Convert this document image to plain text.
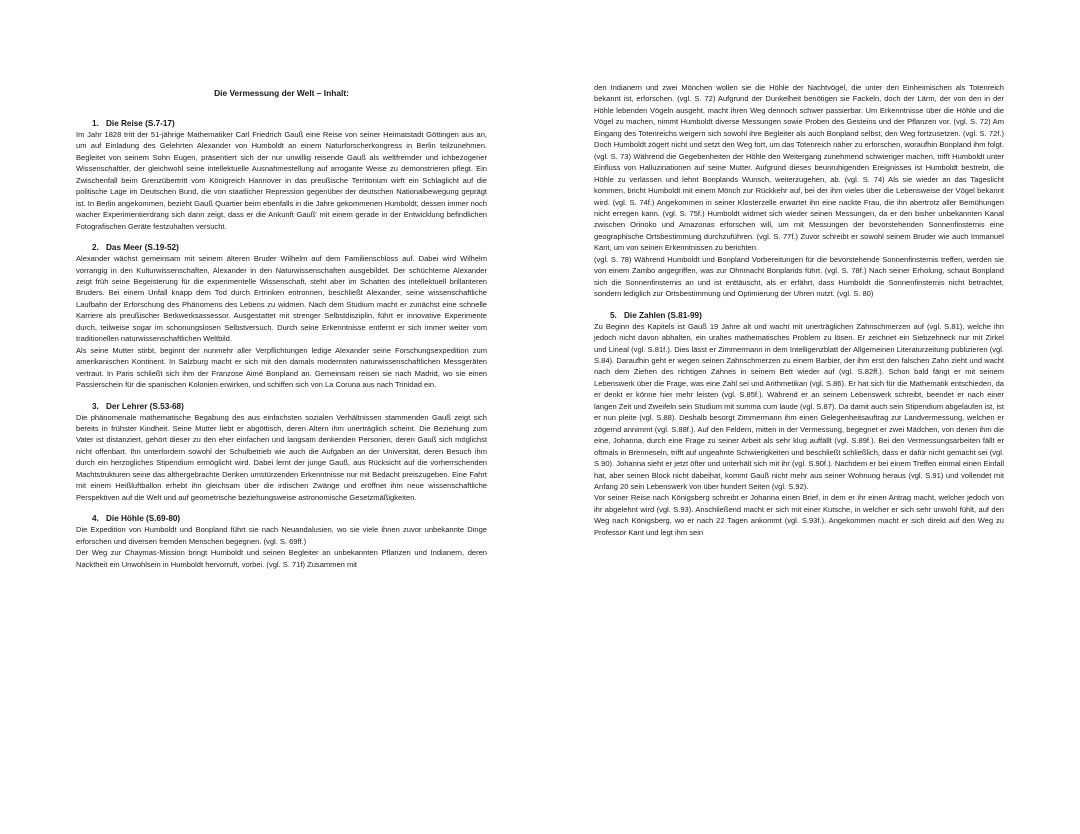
Die Vermessung der Welt – Inhalt:
1. Die Reise (S.7-17)

Im Jahr 1828 tritt der 51-jährige Mathematiker Carl Friedrich Gauß eine Reise von seiner Heimatstadt Göttingen aus an, um auf Einladung des Gelehrten Alexander von Humboldt an einem Naturforscherkongress in Berlin teilzunehmen. Begleitet von seinem Sohn Eugen, präsentiert sich der nur unwillig reisende Gauß als weltfremder und ichbezogener Wissenschaftler, der gleichwohl seine intellektuelle Ausnahmestellung auf arrogante Weise zu demonstrieren pflegt. Ein Zwischenfall beim Grenzübertritt vom Königreich Hannover in das preußische Territorium wirft ein Schlaglicht auf die politische Lage im Deutschen Bund, die von staatlicher Repression gegenüber der deutschen Nationalbewegung geprägt ist. In Berlin angekommen, bezieht Gauß Quartier beim ebenfalls in die Jahre gekommenen Humboldt, dessen immer noch wacher Experimentierdrang sich dann zeigt, dass er die Ankunft Gauß' mit einem gerade in der Entwicklung befindlichen Fotografischen Geräte festzuhalten versucht.

2. Das Meer (S.19-52)

Alexander wächst gemeinsam mit seinem älteren Bruder Wilhelm auf dem Familienschloss auf. Dabei wird Wilhelm vorrangig in den Kulturwissenschaften, Alexander in den Naturwissenschaften ausgebildet. Der schüchterne Alexander zeigt früh seine Begeisterung für die experimentelle Wissenschaft, steht aber im Schatten des intellektuell brillanteren Bruders. Bei einem Unfall knapp dem Tod durch Ertrinken entronnen, beschließt Alexander, seine wissenschaftliche Laufbahn der Erforschung des Phänomens des Lebens zu widmen. Nach dem Studium macht er zunächst eine schnelle Karriere als preußischer Berkwerksassessor. Ausgestattet mit strenger Selbstdisziplin, führt er innovative Experimente durch, teilweise sogar im schonungslosen Selbstversuch. Durch seine Erkenntnisse entfernt er sich immer weiter vom traditionellen naturwissenschaftlichen Weltbild.

Als seine Mutter stirbt, beginnt der nunmehr aller Verpflichtungen ledige Alexander seine Forschungsexpedition zum amerikanischen Kontinent. In Salzburg macht er sich mit den damals modernsten naturwissenschaftlichen Messgeräten vertraut. In Paris schließt sich ihm der Franzose Aimé Bonpland an. Gemeinsam reisen sie nach Madrid, wo sie einen Passierschein für die spanischen Kolonien erwirken, und schiffen sich von La Coruna aus nach Trinidad ein.

3. Der Lehrer (S.53-68)

Die phänomenale mathematische Begabung des aus einfachsten sozialen Verhältnissen stammenden Gauß zeigt sich bereits in frühster Kindheit. Seine Mutter liebt er abgöttisch, deren Altern ihm unerträglich scheint. Die Beziehung zum Vater ist distanziert, gehört dieser zu den eher einfachen und langsam denkenden Personen, deren Gauß sich möglichst nicht offenbart. Ihn unterfordern sowohl der Schulbetrieb wie auch die Aufgaben an der Universität, deren Besuch ihm durch ein herzogliches Stipendium ermöglicht wird. Dabei lernt der junge Gauß, aus Rücksicht auf die vorherrschenden Machtstrukturen seine das althergebrachte Denken umstürzenden Erkenntnisse nur mit Bedacht preiszugeben. Eine Fahrt mit einem Heißluftballon erhebt ihn gleichsam über die irdischen Zwänge und eröffnet ihm neue wissenschaftliche Perspektiven auf die Welt und auf geometrische beziehungsweise astronomische Gesetzmäßigkeiten.

4. Die Höhle (S.69-80)

Die Expedition von Humboldt und Bonpland führt sie nach Neuandalusien, wo sie viele ihnen zuvor unbekannte Dinge erforschen und diversen fremden Menschen begegnen. (vgl. S. 69ff.)

Der Weg zur Chaymas-Mission bringt Humboldt und seinen Begleiter an unbekannten Pflanzen und Indianern, deren Nacktheit ein Unwohlsein in Humboldt hervorruft, vorbei. (vgl. S. 71f) Zusammen mit

den Indianern und zwei Mönchen wollen sie die Höhle der Nachtvögel, die unter den Einheimischen als Totenreich bekannt ist, erforschen. (vgl. S. 72) Aufgrund der Dunkelheit benötigen sie Fackeln, doch der Lärm, der von den in der Höhle lebenden Vögeln ausgeht, macht ihren Weg dennoch schwer passierbar. Um Erkenntnisse über die Höhle und die Vögel zu machen, nimmt Humboldt diverse Messungen sowie Proben des Gesteins und der Pflanzen vor. (vgl. S. 72) Am Eingang des Totenreichs weigern sich sowohl ihre Begleiter als auch Bonpland selbst, den Weg fortzusetzen. (vgl. S. 72f.) Doch Humboldt zögert nicht und setzt den Weg fort, um das Totenreich näher zu erforschen, woraufhin Bonpland ihm folgt. (vgl. S. 73) Während die Gegebenheiten der Höhle den Weitergang zunehmend schwieriger machen, trifft Humboldt unter Einfluss von Halluzinationen auf seine Mutter. Aufgrund dieses beunruhigenden Ereignisses ist Humboldt bestrebt, die Höhle zu verlassen und lehnt Bonplands Wunsch, weiterzugehen, ab. (vgl. S. 74) Als sie wieder an das Tageslicht kommen, bricht Humboldt mit einem Mönch zur Rückkehr auf, bei der ihm vieles über die Lebensweise der Vögel bekannt wird. (vgl. S. 74f.) Angekommen in seiner Klosterzelle erwartet ihn eine nackte Frau, die ihn abertrotz aller Bemühungen nicht erregen kann. (vgl. S. 75f.) Humboldt widmet sich wieder seinen Messungen, da er den bisher unbekannten Kanal zwischen Orinoko und Amazonas erforschen will, um mit Messungen der bevorstehenden Sonnenfinsternis eine geographische Ortsbestimmung durchzuführen. (vgl. S. 77f.) Zuvor schreibt er sowohl seinem Bruder wie auch Immanuel Kant, um von seinen Erkenntnissen zu berichten.

(vgl. S. 78) Während Humboldt und Bonpland Vorbereitungen für die bevorstehende Sonnenfinsternis treffen, werden sie von einem Zambo angegriffen, was zur Ohnmacht Bonplands führt. (vgl. S. 78f.) Nach seiner Erholung, schaut Bonpland sich die Sonnenfinsternis an und ist enttäuscht, als er erfährt, dass Humboldt die Sonnenfinsternis nicht betrachtet, sondern lediglich zur Ortsbestimmung und Optimierung der Uhren nutzt. (vgl. S. 80)

5. Die Zahlen (S.81-99)

Zu Beginn des Kapitels ist Gauß 19 Jahre alt und wacht mit unerträglichen Zahnschmerzen auf (vgl. S.81), welche ihn jedoch nicht davon abhalten, ein uraltes mathematisches Problem zu lösen. Er zeichnet ein Siebzehneck nur mit Zirkel und Lineal (vgl. S.81f.). Dies lässt er Zimmermann in dem Intelligenzblatt der Allgemeinen Literaturzeitung publizieren (vgl. S.84). Daraufhin geht er wegen seinen Zahnschmerzen zu einem Barbier, der ihm erst den falschen Zahn zieht und wacht nach dem Ziehen des richtigen Zahnes in seinem Bett wieder auf (vgl. S.82ff.). Schon bald fängt er mit seinem Lebenswerk über die Frage, was eine Zahl sei und Arithmetikan (vgl. S.86). Er hat sich für die Mathematik entschieden, da er denkt er könne hier mehr leisten (vgl. S.85f.). Während er an seinem Lebenswerk schreibt, beendet er nach einer langen Zeit und Zweifeln sein Studium mit summa cum laude (vgl. S.87). Da damit auch sein Stipendium abgelaufen ist, ist er nun pleite (vgl. S.88). Deshalb besorgt Zimmermann ihm einen Gelegenheitsauftrag zur Landvermessung, welchen er zögernd annimmt (vgl. S.88f.). Auf den Feldern, mitten in der Vermessung, begegnet er zwei Mädchen, von denen ihm die eine, Johanna, durch eine Frage zu seiner Arbeit als sehr klug auffällt (vgl. S.89f.). Bei den Vermessungsarbeiten fällt er oftmals in Brenneseln, trifft auf ungeahnte Schwierigkeiten und beschließt schließlich, dass er dafür nicht gemacht sei (vgl. S.90). Johanna sieht er jetzt öfter und unterhält sich mit ihr (vgl. S.90f.). Nachdem er bei einem Treffen einmal einen Einfall hat, aber seinen Block nicht dabeihat, kommt Gauß nicht mehr aus seiner Wohnung heraus (vgl. S.91) und vollendet mit Anfang 20 sein Lebenswerk von über hundert Seiten (vgl. S.92).

Vor seiner Reise nach Königsberg schreibt er Johanna einen Brief, in dem er ihr einen Antrag macht, welcher jedoch von ihr abgelehnt wird (vgl. S.93). Anschließend macht er sich mit einer Kutsche, in welcher er sich sehr unwohl fühlt, auf den Weg nach Königsberg, wo er nach 22 Tagen ankommt (vgl. S.93f.). Angekommen macht er sich direkt auf den Weg zu Professor Kant und legt ihm sein
